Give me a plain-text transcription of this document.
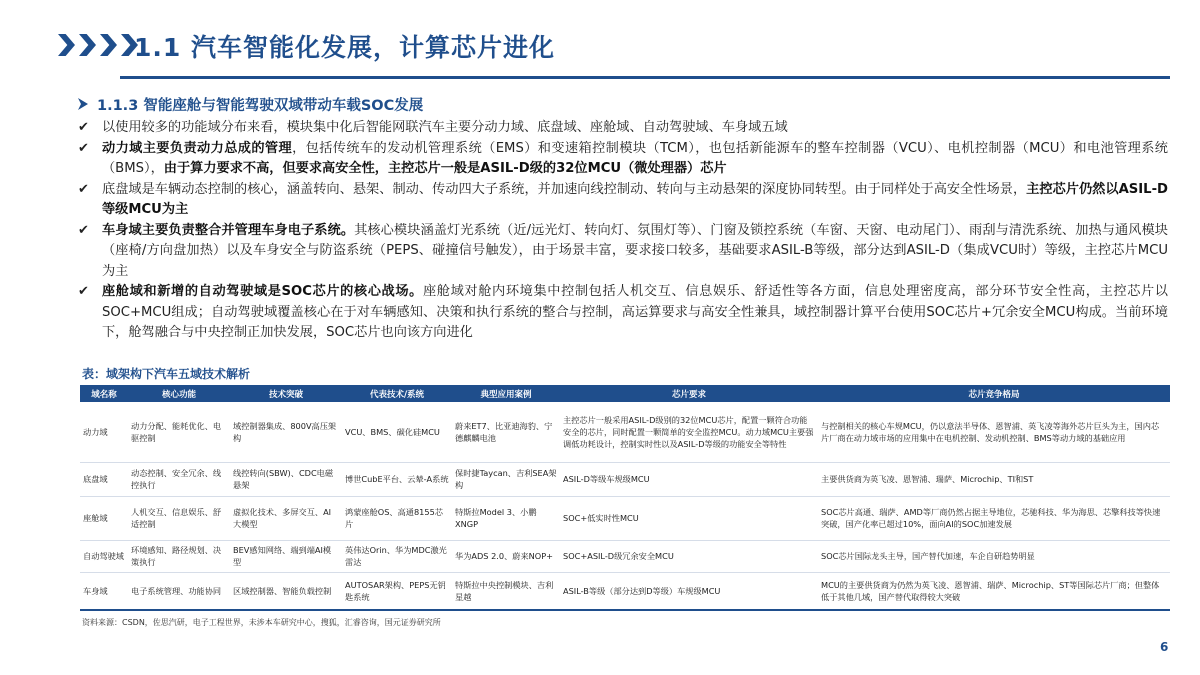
1.1 汽车智能化发展，计算芯片进化
1.1.3 智能座舱与智能驾驶双域带动车载SOC发展
✔ 以使用较多的功能域分布来看，模块集中化后智能网联汽车主要分动力域、底盘域、座舱域、自动驾驶域、车身域五域
✔ 动力域主要负责动力总成的管理，包括传统车的发动机管理系统（EMS）和变速箱控制模块（TCM），也包括新能源车的整车控制器（VCU）、电机控制器（MCU）和电池管理系统（BMS），由于算力要求不高，但要求高安全性，主控芯片一般是ASIL-D级的32位MCU（微处理器）芯片
✔ 底盘域是车辆动态控制的核心，涵盖转向、悬架、制动、传动四大子系统，并加速向线控制动、转向与主动悬架的深度协同转型。由于同样处于高安全性场景，主控芯片仍然以ASIL-D等级MCU为主
✔ 车身域主要负责整合并管理车身电子系统。其核心模块涵盖灯光系统（近/远光灯、转向灯、氛围灯等）、门窗及锁控系统（车窗、天窗、电动尾门）、雨刮与清洗系统、加热与通风模块（座椅/方向盘加热）以及车身安全与防盗系统（PEPS、碰撞信号触发），由于场景丰富，要求接口较多，基础要求ASIL-B等级，部分达到ASIL-D（集成VCU时）等级，主控芯片MCU为主
✔ 座舱域和新增的自动驾驶域是SOC芯片的核心战场。座舱域对舱内环境集中控制包括人机交互、信息娱乐、舒适性等各方面，信息处理密度高，部分环节安全性高，主控芯片以SOC+MCU组成；自动驾驶域覆盖核心在于对车辆感知、决策和执行系统的整合与控制，高运算要求与高安全性兼具，域控制器计算平台使用SOC芯片+冗余安全MCU构成。当前环境下，舱驾融合与中央控制正加快发展，SOC芯片也向该方向进化
表：域架构下汽车五域技术解析
域名称	核心功能	技术突破	代表技术/系统	典型应用案例	芯片要求	芯片竞争格局
动力域	动力分配、能耗优化、电驱控制	域控制器集成、800V高压架构	VCU、BMS、碳化硅MCU	蔚来ET7、比亚迪海豹、宁德麒麟电池	主控芯片一般采用ASIL-D级别的32位MCU芯片，配置一颗符合功能安全的芯片，同时配置一颗简单的安全监控MCU。动力域MCU主要强调低功耗设计，控制实时性以及ASIL-D等级的功能安全等特性	与控制相关的核心车规MCU，仍以意法半导体、恩智浦、英飞凌等海外芯片巨头为主，国内芯片厂商在动力域市场的应用集中在电机控制、发动机控制、BMS等动力域的基础应用
底盘域	动态控制、安全冗余、线控执行	线控转向(SBW)、CDC电磁悬架	博世CubE平台、云辇-A系统	保时捷Taycan、吉利SEA架构	ASIL-D等级车规级MCU	主要供货商为英飞凌、恩智浦、瑞萨、Microchip、TI和ST
座舱域	人机交互、信息娱乐、舒适控制	虚拟化技术、多屏交互、AI大模型	鸿蒙座舱OS、高通8155芯片	特斯拉Model 3、小鹏XNGP	SOC+低实时性MCU	SOC芯片高通、瑞萨、AMD等厂商仍然占据主导地位，芯驰科技、华为海思、芯擎科技等快速突破，国产化率已超过10%，面向AI的SOC加速发展
自动驾驶域	环境感知、路径规划、决策执行	BEV感知网络、端到端AI模型	英伟达Orin、华为MDC激光雷达	华为ADS 2.0、蔚来NOP+	SOC+ASIL-D级冗余安全MCU	SOC芯片国际龙头主导，国产替代加速，车企自研趋势明显
车身域	电子系统管理、功能协同	区域控制器、智能负载控制	AUTOSAR架构、PEPS无钥匙系统	特斯拉中央控制模块、吉利星越	ASIL-B等级（部分达到D等级）车规级MCU	MCU的主要供货商为仍然为英飞凌、恩智浦、瑞萨、Microchip、ST等国际芯片厂商；但整体低于其他几域，国产替代取得较大突破
资料来源：CSDN，佐思汽研，电子工程世界，未涉本车研究中心，搜狐，汇睿咨询，国元证券研究所
6
